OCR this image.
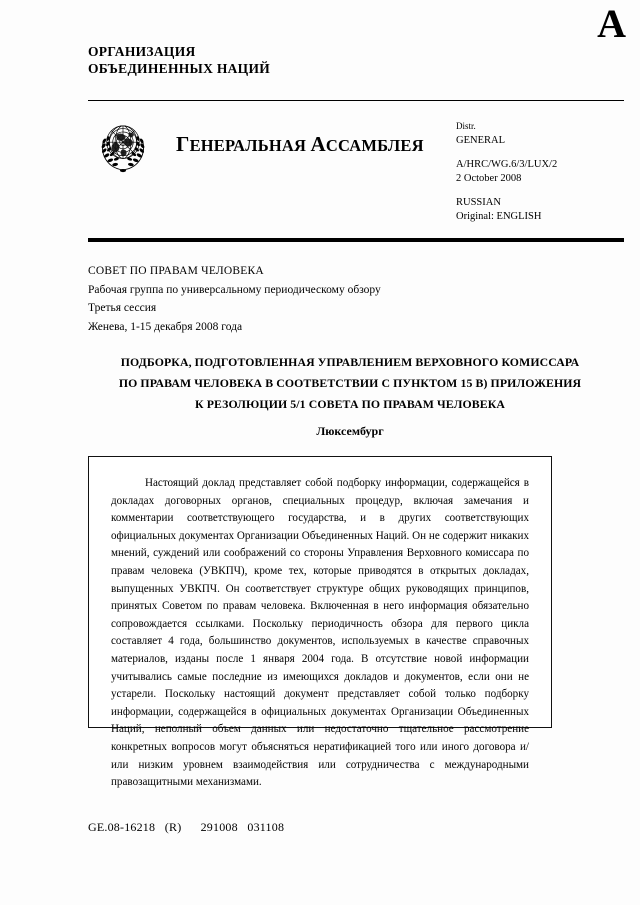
ОРГАНИЗАЦИЯ
ОБЪЕДИНЕННЫХ НАЦИЙ
A
ГЕНЕРАЛЬНАЯ АССАМБЛЕЯ
Distr.
GENERAL
A/HRC/WG.6/3/LUX/2
2 October 2008
RUSSIAN
Original: ENGLISH
СОВЕТ ПО ПРАВАМ ЧЕЛОВЕКА
Рабочая группа по универсальному периодическому обзору
Третья сессия
Женева, 1-15 декабря 2008 года
ПОДБОРКА, ПОДГОТОВЛЕННАЯ УПРАВЛЕНИЕМ ВЕРХОВНОГО КОМИССАРА
ПО ПРАВАМ ЧЕЛОВЕКА В СООТВЕТСТВИИ С ПУНКТОМ 15 В) ПРИЛОЖЕНИЯ
К РЕЗОЛЮЦИИ 5/1 СОВЕТА ПО ПРАВАМ ЧЕЛОВЕКА
Люксембург

Настоящий доклад представляет собой подборку информации, содержащейся в докладах договорных органов, специальных процедур, включая замечания и комментарии соответствующего государства, и в других соответствующих официальных документах Организации Объединенных Наций. Он не содержит никаких мнений, суждений или соображений со стороны Управления Верховного комиссара по правам человека (УВКПЧ), кроме тех, которые приводятся в открытых докладах, выпущенных УВКПЧ. Он соответствует структуре общих руководящих принципов, принятых Советом по правам человека. Включенная в него информация обязательно сопровождается ссылками. Поскольку периодичность обзора для первого цикла составляет 4 года, большинство документов, используемых в качестве справочных материалов, изданы после 1 января 2004 года. В отсутствие новой информации учитывались самые последние из имеющихся докладов и документов, если они не устарели. Поскольку настоящий документ представляет собой только подборку информации, содержащейся в официальных документах Организации Объединенных Наций, неполный объем данных или недостаточно тщательное рассмотрение конкретных вопросов могут объясняться нератификацией того или иного договора и/или низким уровнем взаимодействия или сотрудничества с международными правозащитными механизмами.

GE.08-16218   (R)      291008   031108
